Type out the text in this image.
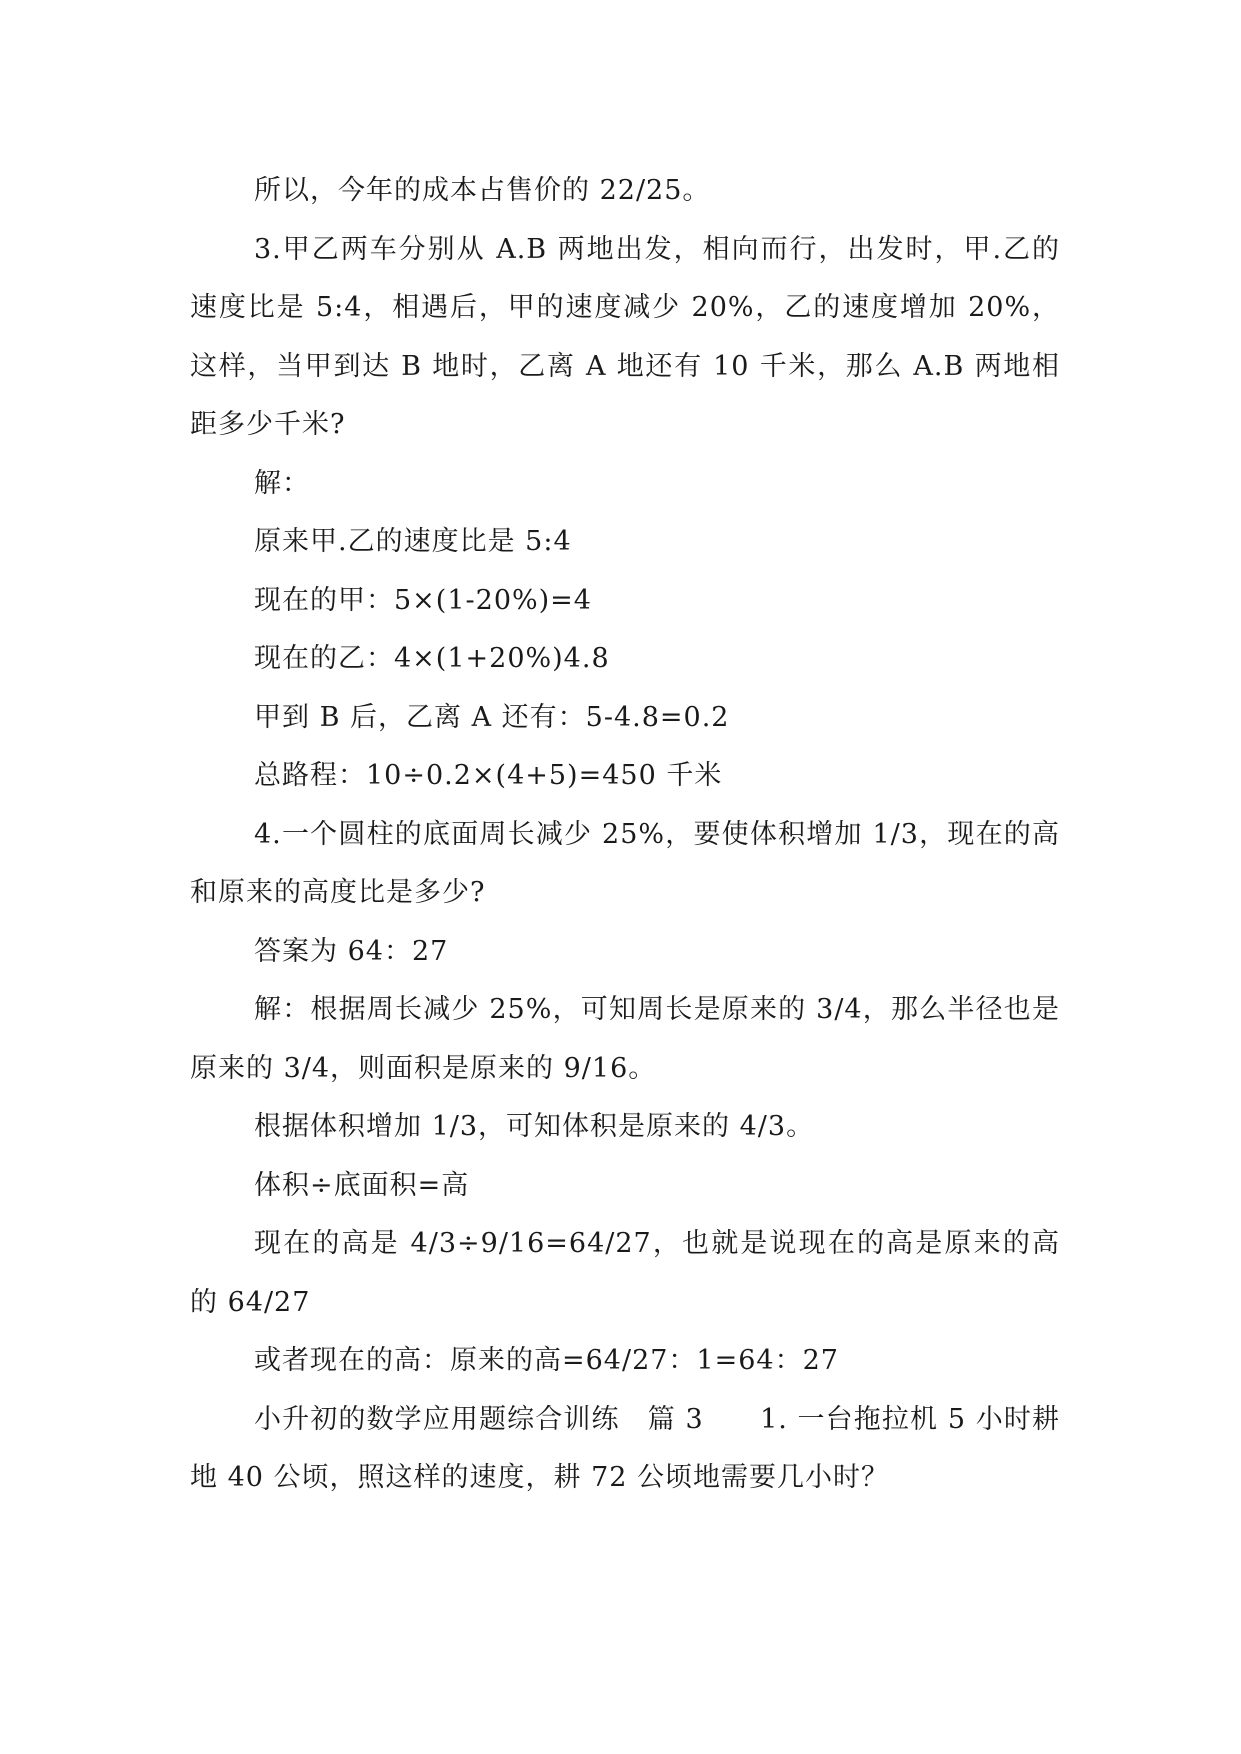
所以，今年的成本占售价的 22/25。

3.甲乙两车分别从 A.B 两地出发，相向而行，出发时，甲.乙的速度比是 5:4，相遇后，甲的速度减少 20%，乙的速度增加 20%，这样，当甲到达 B 地时，乙离 A 地还有 10 千米，那么 A.B 两地相距多少千米?

解：

原来甲.乙的速度比是 5:4

现在的甲：5×(1-20%)=4

现在的乙：4×(1+20%)4.8

甲到 B 后，乙离 A 还有：5-4.8=0.2

总路程：10÷0.2×(4+5)=450 千米

4.一个圆柱的底面周长减少 25%，要使体积增加 1/3，现在的高和原来的高度比是多少?

答案为 64：27

解：根据周长减少 25%，可知周长是原来的 3/4，那么半径也是原来的 3/4，则面积是原来的 9/16。

根据体积增加 1/3，可知体积是原来的 4/3。

体积÷底面积=高

现在的高是 4/3÷9/16=64/27，也就是说现在的高是原来的高的 64/27

或者现在的高：原来的高=64/27：1=64：27

小升初的数学应用题综合训练　篇 3　　1. 一台拖拉机 5 小时耕地 40 公顷，照这样的速度，耕 72 公顷地需要几小时？
